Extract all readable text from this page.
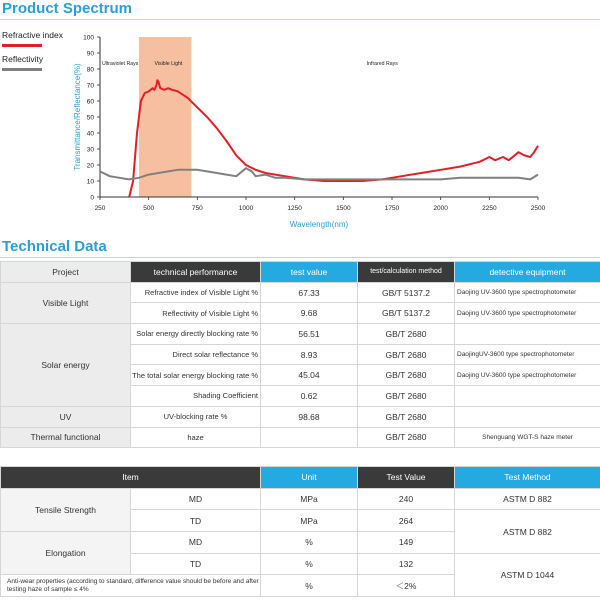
Product Spectrum
Refractive index
Reflectivity
0
10
20
30
40
50
60
70
80
90
100
250	500	750	1000	1250	1500	1750	2000	2250	2500
Ultraviolet Rays	Visible Light	Infrared Rays
Wavelength(nm)
Transmittance/Reflectance(%)
Technical Data
Project	technical performance	test value	test/calculation method	detective equipment
Visible Light	Refractive index of Visible Light %	67.33	GB/T 5137.2	Daojing UV-3600 type spectrophotometer
	Reflectivity of Visible Light %	9.68	GB/T 5137.2	Daojing UV-3600 type spectrophotometer
Solar energy	Solar energy directly blocking rate %	56.51	GB/T 2680	
	Direct solar reflectance %	8.93	GB/T 2680	DaojingUV-3600 type spectrophotometer
	The total solar energy blocking rate %	45.04	GB/T 2680	Daojing UV-3600 type spectrophotometer
	Shading Coefficient	0.62	GB/T 2680	
UV	UV-blocking rate %	98.68	GB/T 2680	
Thermal functional	haze		GB/T 2680	Shenguang WGT-S haze meter
Item		Unit	Test Value	Test Method
Tensile Strength	MD	MPa	240	ASTM D 882
	TD	MPa	264	ASTM D 882
Elongation	MD	%	149	
	TD	%	132	ASTM D 1044
Anti-wear properties (according to standard, difference value should be before and after testing haze of sample ≤ 4%		%	＜2%	
